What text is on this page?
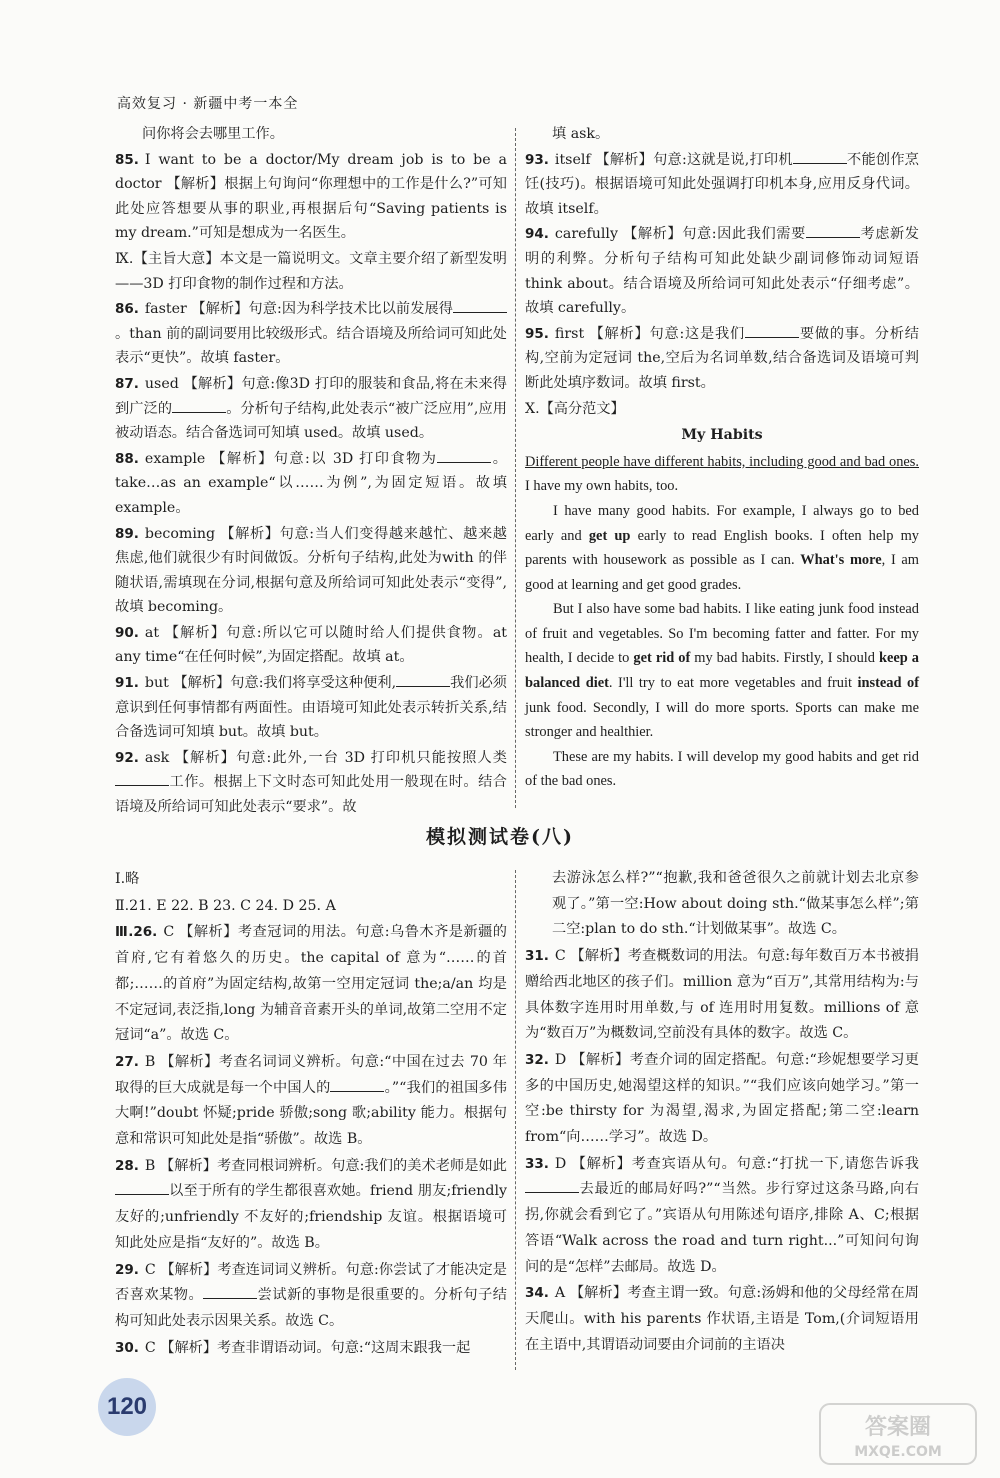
高效复习 · 新疆中考一本全
问你将会去哪里工作。
85. I want to be a doctor/My dream job is to be a doctor 【解析】根据上句询问“你理想中的工作是什么?”可知此处应答想要从事的职业,再根据后句“Saving patients is my dream.”可知是想成为一名医生。
Ⅸ.【主旨大意】本文是一篇说明文。文章主要介绍了新型发明——3D 打印食物的制作过程和方法。
86. faster 【解析】句意:因为科学技术比以前发展得。than 前的副词要用比较级形式。结合语境及所给词可知此处表示“更快”。故填 faster。
87. used 【解析】句意:像3D 打印的服装和食品,将在未来得到广泛的	。分析句子结构,此处表示“被广泛应用”,应用被动语态。结合备选词可知填 used。故填 used。
88. example 【解析】句意:以 3D 打印食物为	。take…as an example“以……为例”,为固定短语。故填 example。
89. becoming 【解析】句意:当人们变得越来越忙、越来越焦虑,他们就很少有时间做饭。分析句子结构,此处为with 的伴随状语,需填现在分词,根据句意及所给词可知此处表示“变得”,故填 becoming。
90. at 【解析】句意:所以它可以随时给人们提供食物。at any time“在任何时候”,为固定搭配。故填 at。
91. but 【解析】句意:我们将享受这种便利,	我们必须意识到任何事情都有两面性。由语境可知此处表示转折关系,结合备选词可知填 but。故填 but。
92. ask 【解析】句意:此外,一台 3D 打印机只能按照人类工作。根据上下文时态可知此处用一般现在时。结合语境及所给词可知此处表示“要求”。故
填 ask。
93. itself 【解析】句意:这就是说,打印机	不能创作烹饪(技巧)。根据语境可知此处强调打印机本身,应用反身代词。故填 itself。
94. carefully 【解析】句意:因此我们需要	考虑新发明的利弊。分析句子结构可知此处缺少副词修饰动词短语 think about。结合语境及所给词可知此处表示“仔细考虑”。故填 carefully。
95. first 【解析】句意:这是我们	要做的事。分析结构,空前为定冠词 the,空后为名词单数,结合备选词及语境可判断此处填序数词。故填 first。
Ⅹ.【高分范文】
My Habits

Different people have different habits, including good and bad ones. I have my own habits, too.

I have many good habits. For example, I always go to bed early and get up early to read English books. I often help my parents with housework as possible as I can. What's more, I am good at learning and get good grades.

But I also have some bad habits. I like eating junk food instead of fruit and vegetables. So I'm becoming fatter and fatter. For my health, I decide to get rid of my bad habits. Firstly, I should keep a balanced diet. I'll try to eat more vegetables and fruit instead of junk food. Secondly, I will do more sports. Sports can make me stronger and healthier.

These are my habits. I will develop my good habits and get rid of the bad ones.

模拟测试卷(八)
Ⅰ.略
Ⅱ.21. E 22. B 23. C 24. D 25. A
Ⅲ.26. C 【解析】考查冠词的用法。句意:乌鲁木齐是新疆的首府,它有着悠久的历史。the capital of 意为“……的首都;……的首府”为固定结构,故第一空用定冠词 the;a/an 均是不定冠词,表泛指,long 为辅音音素开头的单词,故第二空用不定冠词“a”。故选 C。
27. B 【解析】考查名词词义辨析。句意:“中国在过去 70 年取得的巨大成就是每一个中国人的	。”“我们的祖国多伟大啊!”doubt 怀疑;pride 骄傲;song 歌;ability 能力。根据句意和常识可知此处是指“骄傲”。故选 B。
28. B 【解析】考查同根词辨析。句意:我们的美术老师是如此以至于所有的学生都很喜欢她。friend 朋友;friendly 友好的;unfriendly 不友好的;friendship 友谊。根据语境可知此处应是指“友好的”。故选 B。
29. C 【解析】考查连词词义辨析。句意:你尝试了才能决定是否喜欢某物。	尝试新的事物是很重要的。分析句子结构可知此处表示因果关系。故选 C。
30. C 【解析】考查非谓语动词。句意:“这周末跟我一起
去游泳怎么样?”“抱歉,我和爸爸很久之前就计划去北京参观了。”第一空:How about doing sth.“做某事怎么样”;第二空:plan to do sth.“计划做某事”。故选 C。
31. C 【解析】考查概数词的用法。句意:每年数百万本书被捐赠给西北地区的孩子们。million 意为“百万”,其常用结构为:与具体数字连用时用单数,与 of 连用时用复数。millions of 意为“数百万”为概数词,空前没有具体的数字。故选 C。
32. D 【解析】考查介词的固定搭配。句意:“珍妮想要学习更多的中国历史,她渴望这样的知识。”“我们应该向她学习。”第一空:be thirsty for 为渴望,渴求,为固定搭配;第二空:learn from“向……学习”。故选 D。
33. D 【解析】考查宾语从句。句意:“打扰一下,请您告诉我去最近的邮局好吗?”“当然。步行穿过这条马路,向右拐,你就会看到它了。”宾语从句用陈述句语序,排除 A、C;根据答语“Walk across the road and turn right...”可知问句询问的是“怎样”去邮局。故选 D。
34. A 【解析】考查主谓一致。句意:汤姆和他的父母经常在周天爬山。with his parents 作状语,主语是 Tom,(介词短语用在主语中,其谓语动词要由介词前的主语决
120
答案圈
MXQE.COM
